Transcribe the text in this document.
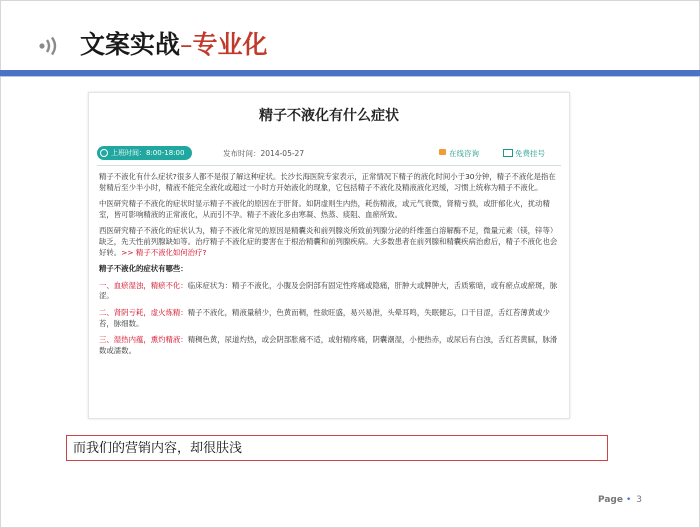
文案实战–专业化
精子不液化有什么症状
上班时间：8:00-18:00	发布时间：2014-05-27	在线咨询	免费挂号

精子不液化有什么症状?很多人都不是很了解这种症状。长沙长海医院专家表示，正常情况下精子的液化时间小于30分钟，精子不液化是指在射精后至少半小时，精液不能完全液化或超过一小时方开始液化的现象，它包括精子不液化及精液液化迟缓，习惯上统称为精子不液化。

中医研究精子不液化的症状时显示精子不液化的原因在于肝肾。如阴虚则生内热，耗伤精液，或元气衰微，肾精亏损，或肝郁化火，扰动精室，皆可影响精液的正常液化，从而引不孕。精子不液化多由寒凝、热蒸、痰阻、血瘀所致。

西医研究精子不液化的症状认为，精子不液化常见的原因是精囊炎和前列腺炎所致前列腺分泌的纤维蛋白溶解酶不足，微量元素（镁，锌等）缺乏，先天性前列腺缺如等。治疗精子不液化症的要害在于根治精囊和前列腺疾病。大多数患者在前列腺和精囊疾病治愈后，精子不液化也会好转。>> 精子不液化如何治疗?

精子不液化的症状有哪些：

一、血瘀湿浊，精瘀不化：临床症状为：精子不液化，小腹及会阴部有固定性疼痛或隐痛，肝肿大或脾肿大，舌质紫暗，或有瘀点或瘀斑，脉涩。

二、肾阴亏耗，虚火炼精：精子不液化，精液量稍少，色黄而稠，性欲旺盛，易兴易泄，头晕耳鸣，失眠健忘，口干目涩，舌红苔薄黄或少苔，脉细数。

三、湿热内蕴，熏灼精液：精稠色黄，尿道灼热，或会阴部胀痛不适，或射精疼痛，阴囊潮湿，小便热赤，或尿后有白浊，舌红苔黄腻，脉滑数或濡数。

而我们的营销内容，却很肤浅
Page • 3
